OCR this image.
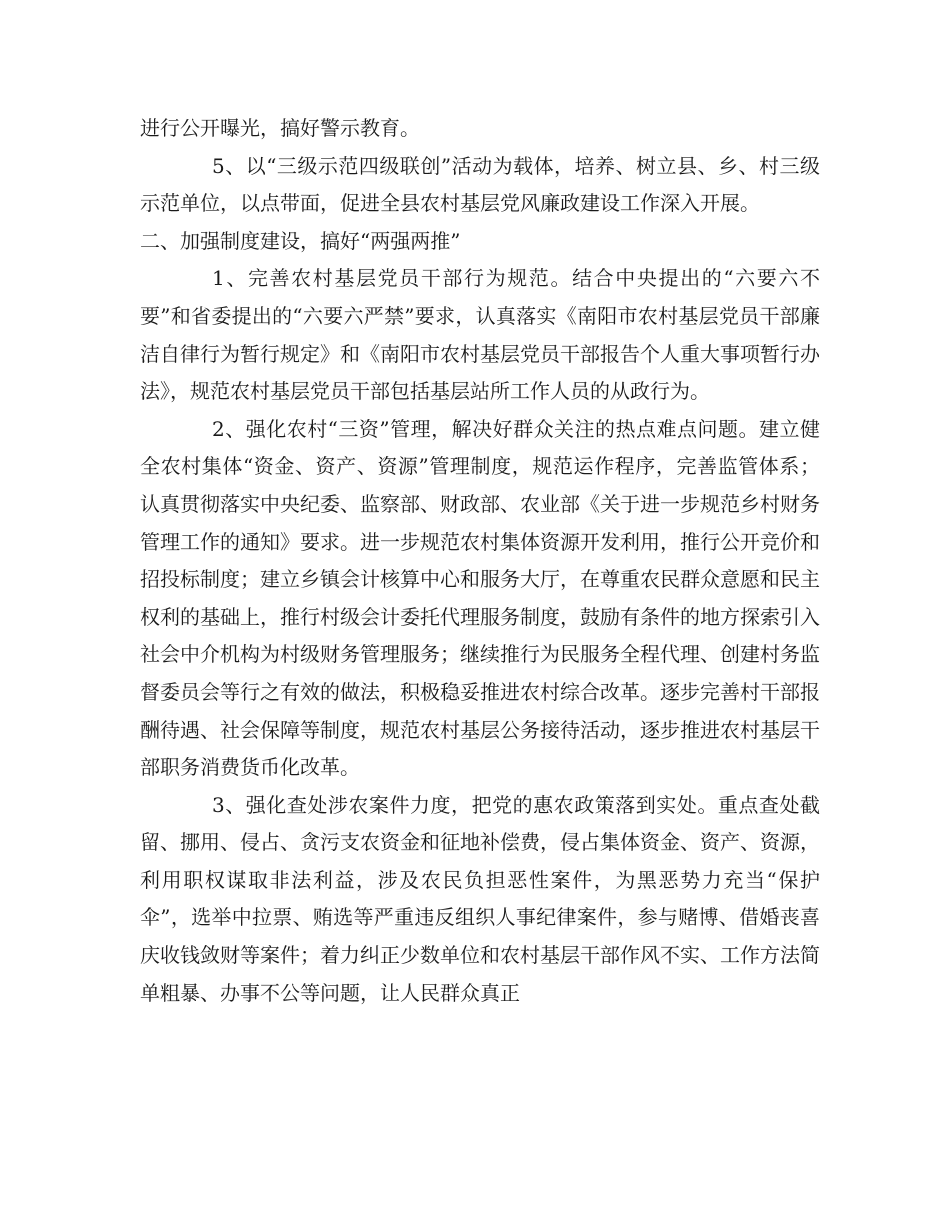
进行公开曝光，搞好警示教育。

5、以“三级示范四级联创”活动为载体，培养、树立县、乡、村三级示范单位，以点带面，促进全县农村基层党风廉政建设工作深入开展。

二、加强制度建设，搞好“两强两推”

1、完善农村基层党员干部行为规范。结合中央提出的“六要六不要”和省委提出的“六要六严禁”要求，认真落实《南阳市农村基层党员干部廉洁自律行为暂行规定》和《南阳市农村基层党员干部报告个人重大事项暂行办法》，规范农村基层党员干部包括基层站所工作人员的从政行为。

2、强化农村“三资”管理，解决好群众关注的热点难点问题。建立健全农村集体“资金、资产、资源”管理制度，规范运作程序，完善监管体系；认真贯彻落实中央纪委、监察部、财政部、农业部《关于进一步规范乡村财务管理工作的通知》要求。进一步规范农村集体资源开发利用，推行公开竞价和招投标制度；建立乡镇会计核算中心和服务大厅，在尊重农民群众意愿和民主权利的基础上，推行村级会计委托代理服务制度，鼓励有条件的地方探索引入社会中介机构为村级财务管理服务；继续推行为民服务全程代理、创建村务监督委员会等行之有效的做法，积极稳妥推进农村综合改革。逐步完善村干部报酬待遇、社会保障等制度，规范农村基层公务接待活动，逐步推进农村基层干部职务消费货币化改革。

3、强化查处涉农案件力度，把党的惠农政策落到实处。重点查处截留、挪用、侵占、贪污支农资金和征地补偿费，侵占集体资金、资产、资源，利用职权谋取非法利益，涉及农民负担恶性案件，为黑恶势力充当“保护伞”，选举中拉票、贿选等严重违反组织人事纪律案件，参与赌博、借婚丧喜庆收钱敛财等案件；着力纠正少数单位和农村基层干部作风不实、工作方法简单粗暴、办事不公等问题，让人民群众真正
